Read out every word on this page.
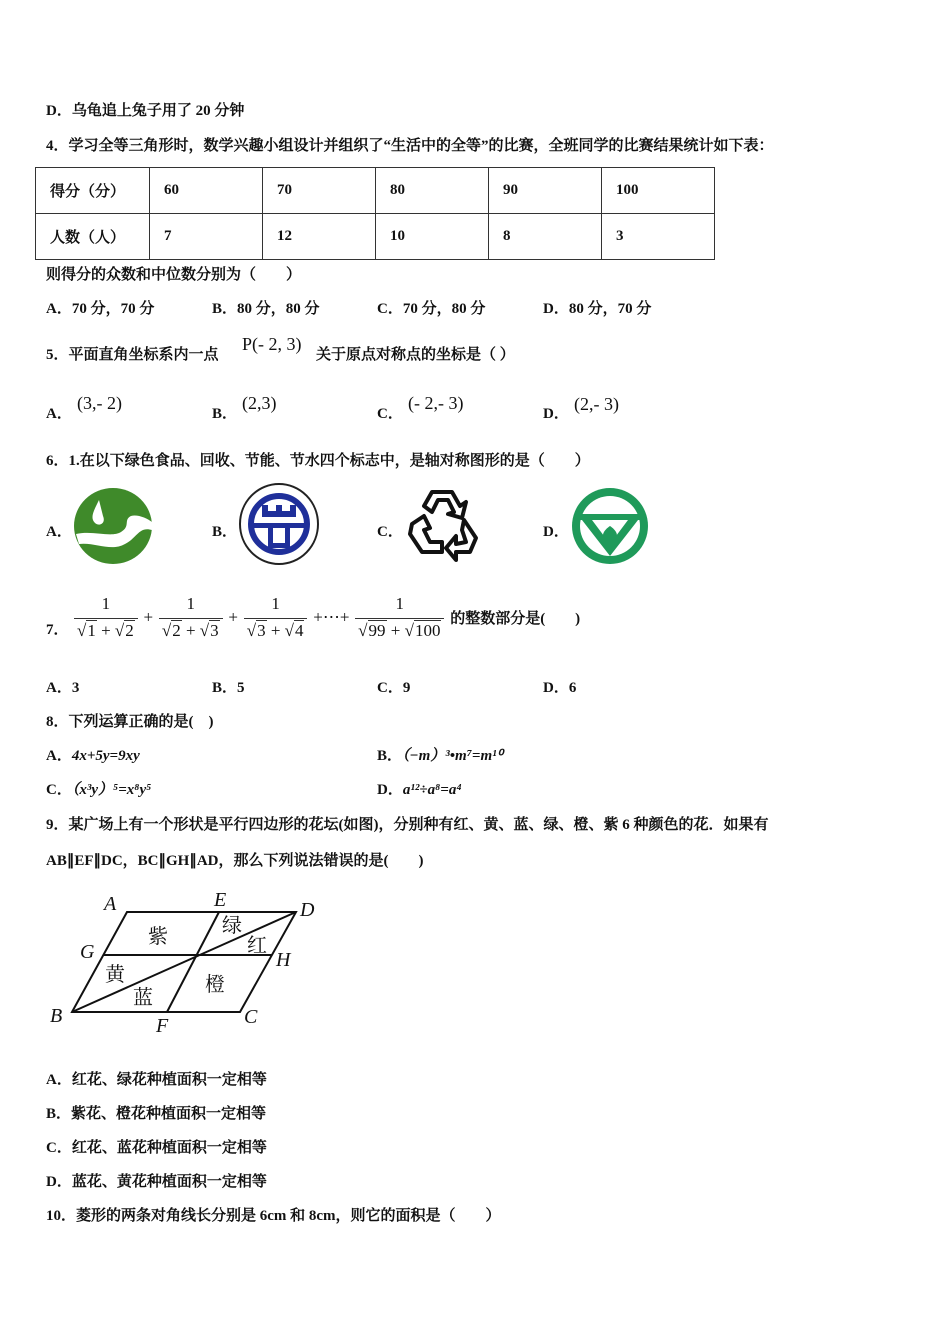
D．乌龟追上兔子用了 20 分钟
4．学习全等三角形时，数学兴趣小组设计并组织了“生活中的全等”的比赛，全班同学的比赛结果统计如下表：
得分（分）	60	70	80	90	100
人数（人）	7	12	10	8	3
则得分的众数和中位数分别为（　　）
A．70 分，70 分	B．80 分，80 分	C．70 分，80 分	D．80 分，70 分
5．平面直角坐标系内一点
P(- 2, 3)
关于原点对称点的坐标是（ ）
A．
(3,- 2)
B．
(2,3)
C．
(- 2,- 3)
D． (2,- 3)
6．1.在以下绿色食品、回收、节能、节水四个标志中，是轴对称图形的是（　　）
A．	B．	C．	D．
7． $\frac{1}{√1 + √2} + \frac{1}{√2 + √3} + \frac{1}{√3 + √4}$ +⋯+ $\frac{1}{√99 + √100}$ 的整数部分是(　　)
A．3	B．5	C．9	D．6
8．下列运算正确的是(　)
A．4x+5y=9xy	B．（−m）³•m⁷=m¹⁰
C．（x³y）⁵=x⁸y⁵	D．a¹²÷a⁸=a⁴
9．某广场上有一个形状是平行四边形的花坛(如图)，分别种有红、黄、蓝、绿、橙、紫 6 种颜色的花．如果有
AB∥EF∥DC，BC∥GH∥AD，那么下列说法错误的是(　　)
A	E	D
G	H
B	F	C
紫	绿
红
黄
蓝
橙
A．红花、绿花种植面积一定相等
B．紫花、橙花种植面积一定相等
C．红花、蓝花种植面积一定相等
D．蓝花、黄花种植面积一定相等
10．菱形的两条对角线长分别是 6cm 和 8cm，则它的面积是（　　）
